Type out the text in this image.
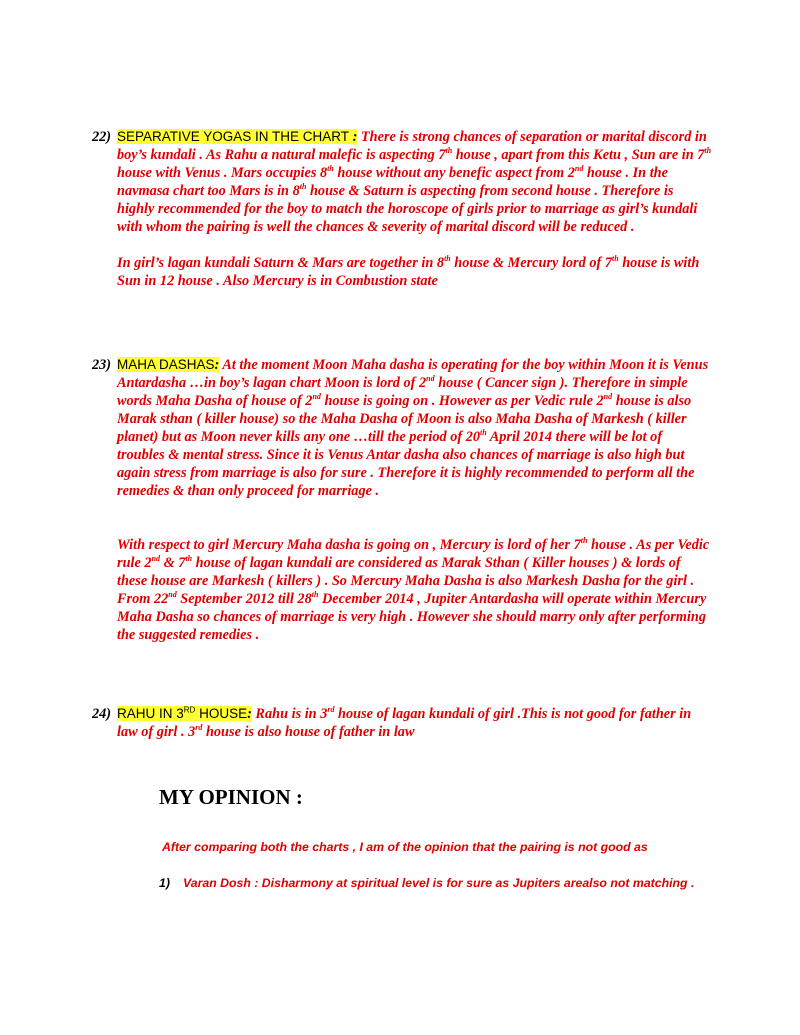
22) SEPARATIVE YOGAS IN THE CHART : There is strong chances of separation or marital discord in boy’s kundali . As Rahu a natural malefic is aspecting 7th house , apart from this Ketu , Sun are in 7th house with Venus . Mars occupies 8th house without any benefic aspect from 2nd house . In the navmasa chart too Mars is in 8th house & Saturn is aspecting from second house . Therefore is highly recommended for the boy to match the horoscope of girls prior to marriage as girl’s kundali with whom the pairing is well the chances & severity of marital discord will be reduced .
In girl’s lagan kundali Saturn & Mars are together in 8th house & Mercury lord of 7th house is with Sun in 12 house . Also Mercury is in Combustion state
23) MAHA DASHAS: At the moment Moon Maha dasha is operating for the boy within Moon it is Venus Antardasha …in boy’s lagan chart Moon is lord of 2nd house ( Cancer sign ). Therefore in simple words Maha Dasha of house of 2nd house is going on . However as per Vedic rule 2nd house is also Marak sthan ( killer house) so the Maha Dasha of Moon is also Maha Dasha of Markesh ( killer planet) but as Moon never kills any one …till the period of 20th April 2014 there will be lot of troubles & mental stress. Since it is Venus Antar dasha also chances of marriage is also high but again stress from marriage is also for sure . Therefore it is highly recommended to perform all the remedies & than only proceed for marriage .
With respect to girl Mercury Maha dasha is going on , Mercury is lord of her 7th house . As per Vedic rule 2nd & 7th house of lagan kundali are considered as Marak Sthan ( Killer houses ) & lords of these house are Markesh ( killers ) . So Mercury Maha Dasha is also Markesh Dasha for the girl . From 22nd September 2012 till 28th December 2014 , Jupiter Antardasha will operate within Mercury Maha Dasha so chances of marriage is very high . However she should marry only after performing the suggested remedies .
24) RAHU IN 3RD HOUSE: Rahu is in 3rd house of lagan kundali of girl .This is not good for father in law of girl . 3rd house is also house of father in law
MY OPINION :
After comparing both the charts , I am of the opinion that the pairing is not good as
1) Varan Dosh : Disharmony at spiritual level is for sure as Jupiters arealso not matching .
